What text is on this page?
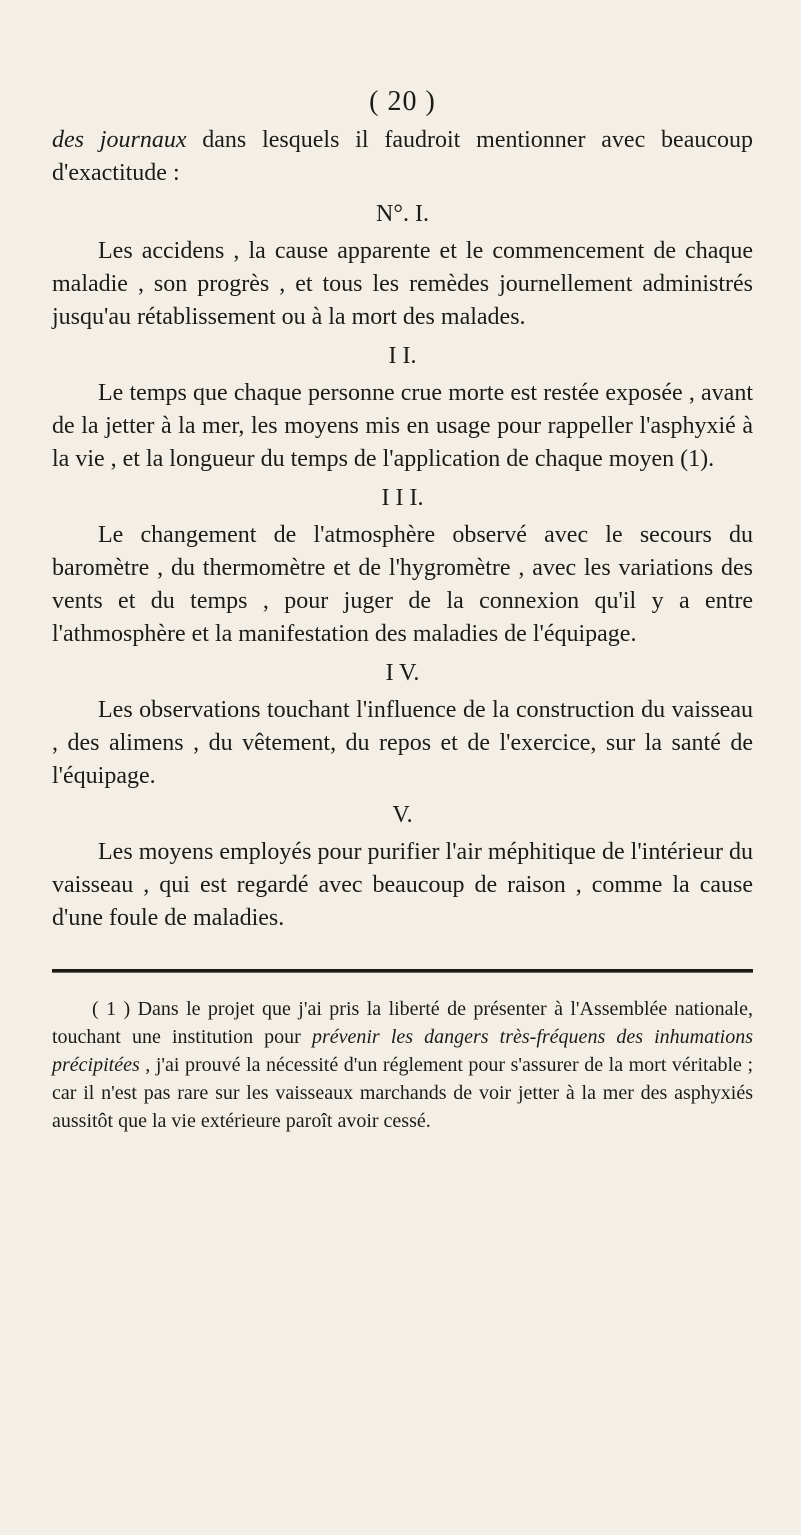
( 20 )

des journaux dans lesquels il faudroit mentionner avec beaucoup d'exactitude :

N°. I.

Les accidens , la cause apparente et le commencement de chaque maladie , son progrès , et tous les remèdes journellement administrés jusqu'au rétablissement ou à la mort des malades.

I I.

Le temps que chaque personne crue morte est restée exposée , avant de la jetter à la mer, les moyens mis en usage pour rappeller l'asphyxié à la vie , et la longueur du temps de l'application de chaque moyen (1).

I I I.

Le changement de l'atmosphère observé avec le secours du baromètre , du thermomètre et de l'hygromètre , avec les variations des vents et du temps , pour juger de la connexion qu'il y a entre l'athmosphère et la manifestation des maladies de l'équipage.

I V.

Les observations touchant l'influence de la construction du vaisseau , des alimens , du vêtement, du repos et de l'exercice, sur la santé de l'équipage.

V.

Les moyens employés pour purifier l'air méphitique de l'intérieur du vaisseau , qui est regardé avec beaucoup de raison , comme la cause d'une foule de maladies.

( 1 ) Dans le projet que j'ai pris la liberté de présenter à l'Assemblée nationale, touchant une institution pour prévenir les dangers très-fréquens des inhumations précipitées , j'ai prouvé la nécessité d'un réglement pour s'assurer de la mort véritable ; car il n'est pas rare sur les vaisseaux marchands de voir jetter à la mer des asphyxiés aussitôt que la vie extérieure paroît avoir cessé.
